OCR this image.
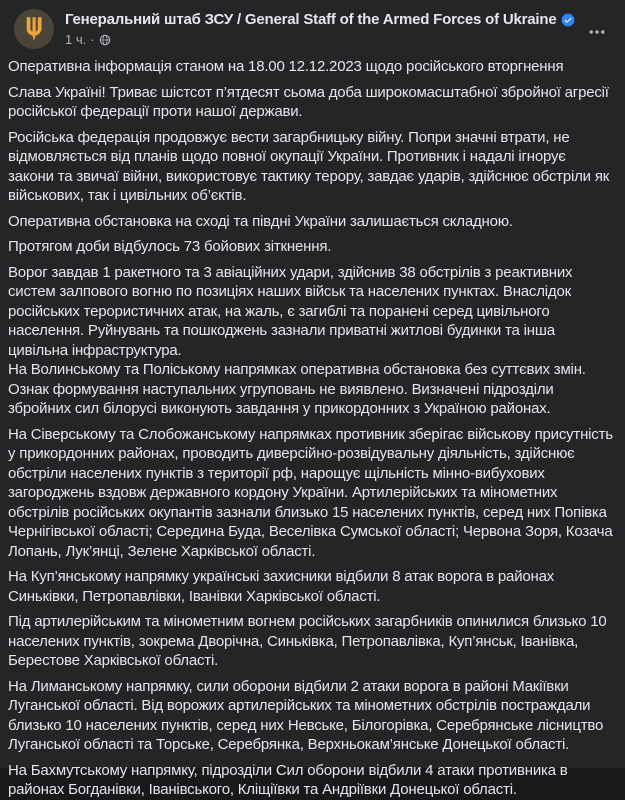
Генеральний штаб ЗСУ / General Staff of the Armed Forces of Ukraine
1 ч. ·

Оперативна інформація станом на 18.00 12.12.2023 щодо російського вторгнення

Слава Україні! Триває шістсот п’ятдесят сьома доба широкомасштабної збройної агресії російської федерації проти нашої держави.

Російська федерація продовжує вести загарбницьку війну. Попри значні втрати, не відмовляється від планів щодо повної окупації України. Противник і надалі ігнорує закони та звичаї війни, використовує тактику терору, завдає ударів, здійснює обстріли як військових, так і цивільних об’єктів.

Оперативна обстановка на сході та півдні України залишається складною.

Протягом доби відбулось 73 бойових зіткнення.

Ворог завдав 1 ракетного та 3 авіаційних удари, здійснив 38 обстрілів з реактивних систем залпового вогню по позиціях наших військ та населених пунктах. Внаслідок російських терористичних атак, на жаль, є загиблі та поранені серед цивільного населення. Руйнувань та пошкоджень зазнали приватні житлові будинки та інша цивільна інфраструктура.

На Волинському та Поліському напрямках оперативна обстановка без суттєвих змін. Ознак формування наступальних угруповань не виявлено. Визначені підрозділи збройних сил білорусі виконують завдання у прикордонних з Україною районах.

На Сіверському та Слобожанському напрямках противник зберігає військову присутність у прикордонних районах, проводить диверсійно-розвідувальну діяльність, здійснює обстріли населених пунктів з території рф, нарощує щільність мінно-вибухових загороджень вздовж державного кордону України. Артилерійських та мінометних обстрілів російських окупантів зазнали близько 15 населених пунктів, серед них Попівка Чернігівської області; Середина Буда, Веселівка Сумської області; Червона Зоря, Козача Лопань, Лук’янці, Зелене Харківської області.

На Куп’янському напрямку українські захисники відбили 8 атак ворога в районах Синьківки, Петропавлівки, Іванівки Харківської області.

Під артилерійським та мінометним вогнем російських загарбників опинилися близько 10 населених пунктів, зокрема Дворічна, Синьківка, Петропавлівка, Куп’янськ, Іванівка, Берестове Харківської області.

На Лиманському напрямку, сили оборони відбили 2 атаки ворога в районі Макіївки Луганської області. Від ворожих артилерійських та мінометних обстрілів постраждали близько 10 населених пунктів, серед них Невське, Білогорівка, Серебрянське лісництво Луганської області та Торське, Серебрянка, Верхньокам’янське Донецької області.

На Бахмутському напрямку, підрозділи Сил оборони відбили 4 атаки противника в районах Богданівки, Іванівського, Кліщіївки та Андріївки Донецької області.
